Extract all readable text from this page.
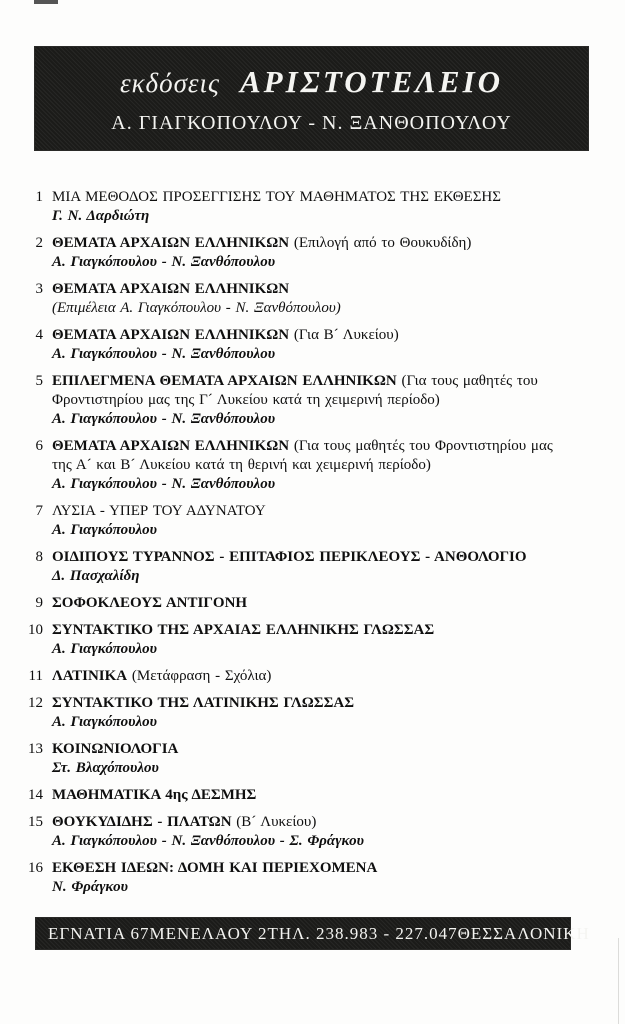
εκδόσεις ΑΡΙΣΤΟΤΕΛΕΙΟ
Α. ΓΙΑΓΚΟΠΟΥΛΟΥ - Ν. ΞΑΝΘΟΠΟΥΛΟΥ
1 ΜΙΑ ΜΕΘΟΔΟΣ ΠΡΟΣΕΓΓΙΣΗΣ ΤΟΥ ΜΑΘΗΜΑΤΟΣ ΤΗΣ ΕΚΘΕΣΗΣ
Γ. Ν. Δαρδιώτη
2 ΘΕΜΑΤΑ ΑΡΧΑΙΩΝ ΕΛΛΗΝΙΚΩΝ (Επιλογή από το Θουκυδίδη)
Α. Γιαγκόπουλου - Ν. Ξανθόπουλου
3 ΘΕΜΑΤΑ ΑΡΧΑΙΩΝ ΕΛΛΗΝΙΚΩΝ
(Επιμέλεια Α. Γιαγκόπουλου - Ν. Ξανθόπουλου)
4 ΘΕΜΑΤΑ ΑΡΧΑΙΩΝ ΕΛΛΗΝΙΚΩΝ (Για Β´ Λυκείου)
Α. Γιαγκόπουλου - Ν. Ξανθόπουλου
5 ΕΠΙΛΕΓΜΕΝΑ ΘΕΜΑΤΑ ΑΡΧΑΙΩΝ ΕΛΛΗΝΙΚΩΝ (Για τους μαθητές του Φροντιστηρίου μας της Γ´ Λυκείου κατά τη χειμερινή περίοδο)
Α. Γιαγκόπουλου - Ν. Ξανθόπουλου
6 ΘΕΜΑΤΑ ΑΡΧΑΙΩΝ ΕΛΛΗΝΙΚΩΝ (Για τους μαθητές του Φροντιστηρίου μας της Α´ και Β´ Λυκείου κατά τη θερινή και χειμερινή περίοδο)
Α. Γιαγκόπουλου - Ν. Ξανθόπουλου
7 ΛΥΣΙΑ - ΥΠΕΡ ΤΟΥ ΑΔΥΝΑΤΟΥ
Α. Γιαγκόπουλου
8 ΟΙΔΙΠΟΥΣ ΤΥΡΑΝΝΟΣ - ΕΠΙΤΑΦΙΟΣ ΠΕΡΙΚΛΕΟΥΣ - ΑΝΘΟΛΟΓΙΟ
Δ. Πασχαλίδη
9 ΣΟΦΟΚΛΕΟΥΣ ΑΝΤΙΓΟΝΗ
10 ΣΥΝΤΑΚΤΙΚΟ ΤΗΣ ΑΡΧΑΙΑΣ ΕΛΛΗΝΙΚΗΣ ΓΛΩΣΣΑΣ
Α. Γιαγκόπουλου
11 ΛΑΤΙΝΙΚΑ (Μετάφραση - Σχόλια)
12 ΣΥΝΤΑΚΤΙΚΟ ΤΗΣ ΛΑΤΙΝΙΚΗΣ ΓΛΩΣΣΑΣ
Α. Γιαγκόπουλου
13 ΚΟΙΝΩΝΙΟΛΟΓΙΑ
Στ. Βλαχόπουλου
14 ΜΑΘΗΜΑΤΙΚΑ 4ης ΔΕΣΜΗΣ
15 ΘΟΥΚΥΔΙΔΗΣ - ΠΛΑΤΩΝ (Β´ Λυκείου)
Α. Γιαγκόπουλου - Ν. Ξανθόπουλου - Σ. Φράγκου
16 ΕΚΘΕΣΗ ΙΔΕΩΝ: ΔΟΜΗ ΚΑΙ ΠΕΡΙΕΧΟΜΕΝΑ
Ν. Φράγκου
ΕΓΝΑΤΙΑ 67 ΜΕΝΕΛΑΟΥ 2 ΤΗΛ. 238.983 - 227.047 ΘΕΣΣΑΛΟΝΙΚΗ
